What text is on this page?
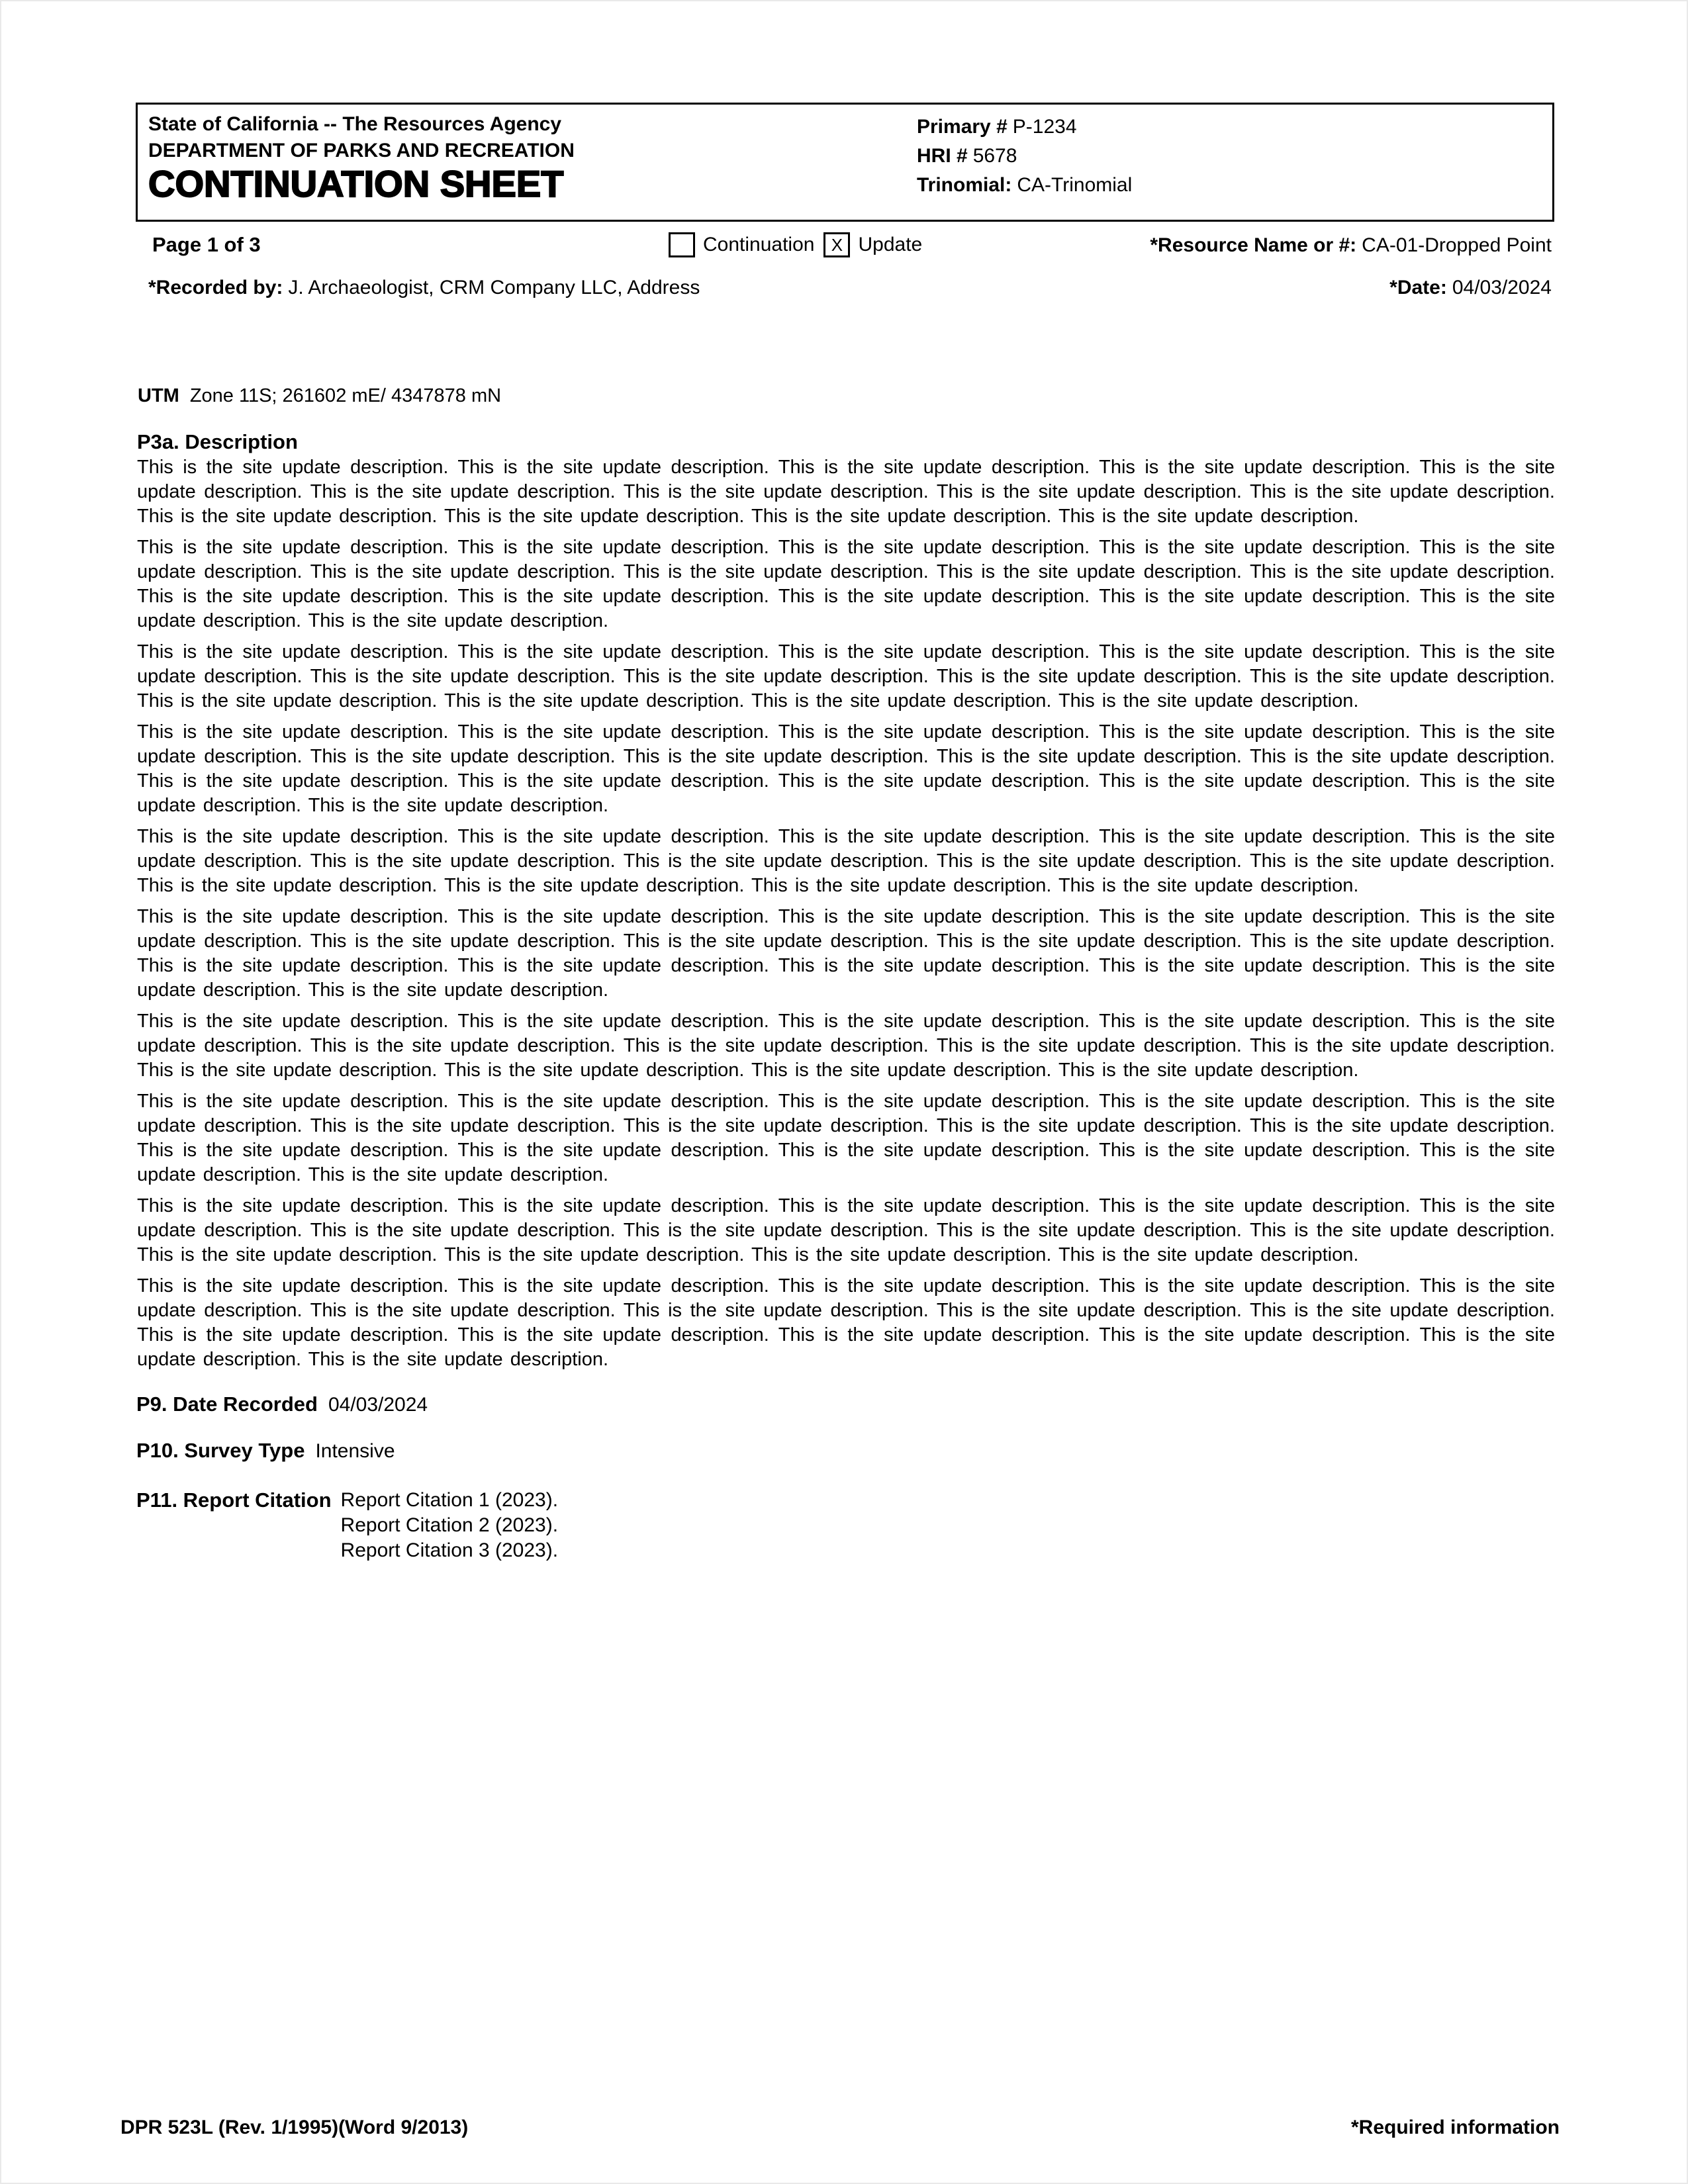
State of California -- The Resources Agency
DEPARTMENT OF PARKS AND RECREATION
CONTINUATION SHEET
Primary # P-1234
HRI # 5678
Trinomial: CA-Trinomial
Page 1 of 3	Continuation X Update	*Resource Name or #: CA-01-Dropped Point
*Recorded by: J. Archaeologist, CRM Company LLC, Address	*Date: 04/03/2024
UTM Zone 11S; 261602 mE/ 4347878 mN
P3a. Description

This is the site update description. This is the site update description. This is the site update description. This is the site update description. This is the site update description. This is the site update description. This is the site update description. This is the site update description. This is the site update description. This is the site update description. This is the site update description. This is the site update description. This is the site update description.

This is the site update description. This is the site update description. This is the site update description. This is the site update description. This is the site update description. This is the site update description. This is the site update description. This is the site update description. This is the site update description. This is the site update description. This is the site update description. This is the site update description. This is the site update description. This is the site update description. This is the site update description.

This is the site update description. This is the site update description. This is the site update description. This is the site update description. This is the site update description. This is the site update description. This is the site update description. This is the site update description. This is the site update description. This is the site update description. This is the site update description. This is the site update description. This is the site update description.

This is the site update description. This is the site update description. This is the site update description. This is the site update description. This is the site update description. This is the site update description. This is the site update description. This is the site update description. This is the site update description. This is the site update description. This is the site update description. This is the site update description. This is the site update description. This is the site update description. This is the site update description.

This is the site update description. This is the site update description. This is the site update description. This is the site update description. This is the site update description. This is the site update description. This is the site update description. This is the site update description. This is the site update description. This is the site update description. This is the site update description. This is the site update description. This is the site update description.

This is the site update description. This is the site update description. This is the site update description. This is the site update description. This is the site update description. This is the site update description. This is the site update description. This is the site update description. This is the site update description. This is the site update description. This is the site update description. This is the site update description. This is the site update description. This is the site update description. This is the site update description.

This is the site update description. This is the site update description. This is the site update description. This is the site update description. This is the site update description. This is the site update description. This is the site update description. This is the site update description. This is the site update description. This is the site update description. This is the site update description. This is the site update description. This is the site update description.

This is the site update description. This is the site update description. This is the site update description. This is the site update description. This is the site update description. This is the site update description. This is the site update description. This is the site update description. This is the site update description. This is the site update description. This is the site update description. This is the site update description. This is the site update description. This is the site update description. This is the site update description.

This is the site update description. This is the site update description. This is the site update description. This is the site update description. This is the site update description. This is the site update description. This is the site update description. This is the site update description. This is the site update description. This is the site update description. This is the site update description. This is the site update description. This is the site update description.

This is the site update description. This is the site update description. This is the site update description. This is the site update description. This is the site update description. This is the site update description. This is the site update description. This is the site update description. This is the site update description. This is the site update description. This is the site update description. This is the site update description. This is the site update description. This is the site update description. This is the site update description.

P9. Date Recorded 04/03/2024
P10. Survey Type Intensive
P11. Report Citation Report Citation 1 (2023).
Report Citation 2 (2023).
Report Citation 3 (2023).
DPR 523L (Rev. 1/1995)(Word 9/2013)	*Required information
